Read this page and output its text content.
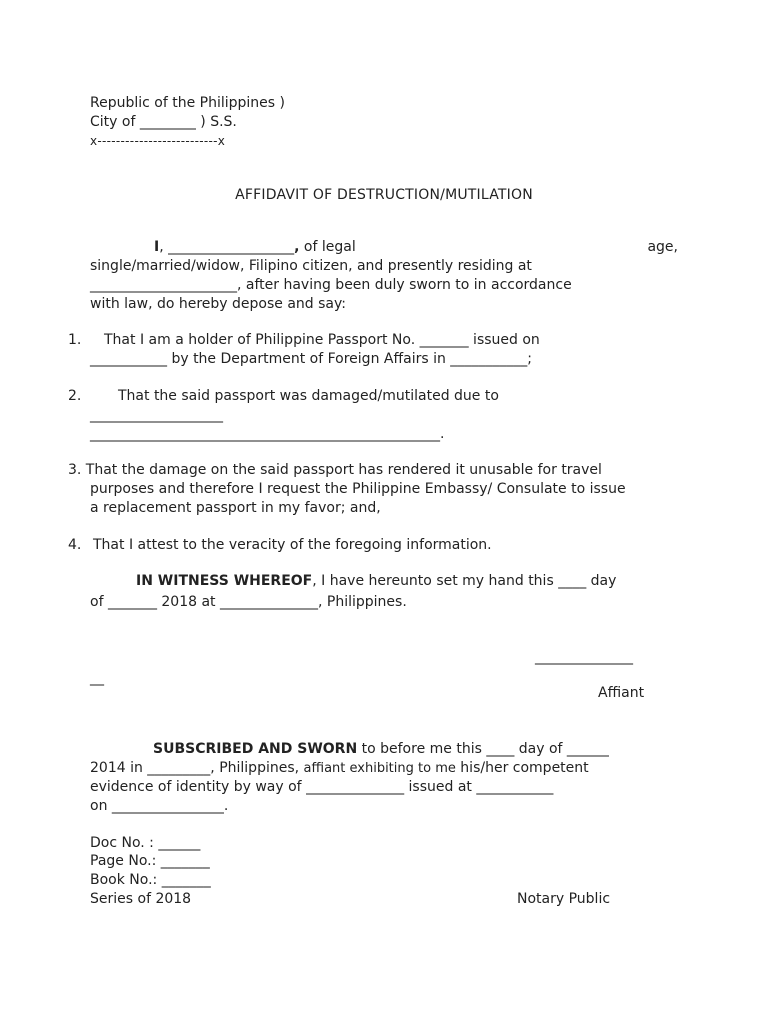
Republic of the Philippines )
City of ________ ) S.S.
x--------------------------x
AFFIDAVIT OF DESTRUCTION/MUTILATION
I, __________________, of legal	age,
single/married/widow, Filipino citizen, and presently residing at
_____________________, after having been duly sworn to in accordance
with law, do hereby depose and say:
1. That I am a holder of Philippine Passport No. _______ issued on
___________ by the Department of Foreign Affairs in ___________;
2.	That the said passport was damaged/mutilated due to
___________________
__________________________________________________.
3. That the damage on the said passport has rendered it unusable for travel
purposes and therefore I request the Philippine Embassy/ Consulate to issue
a replacement passport in my favor; and,
4. That I attest to the veracity of the foregoing information.
IN WITNESS WHEREOF, I have hereunto set my hand this ____ day
of _______ 2018 at ______________, Philippines.
______________
__
Affiant
SUBSCRIBED AND SWORN to before me this ____ day of ______
2014 in _________, Philippines, affiant exhibiting to me his/her competent
evidence of identity by way of ______________ issued at ___________
on ________________.
Doc No. : ______
Page No.: _______
Book No.: _______
Series of 2018	Notary Public
